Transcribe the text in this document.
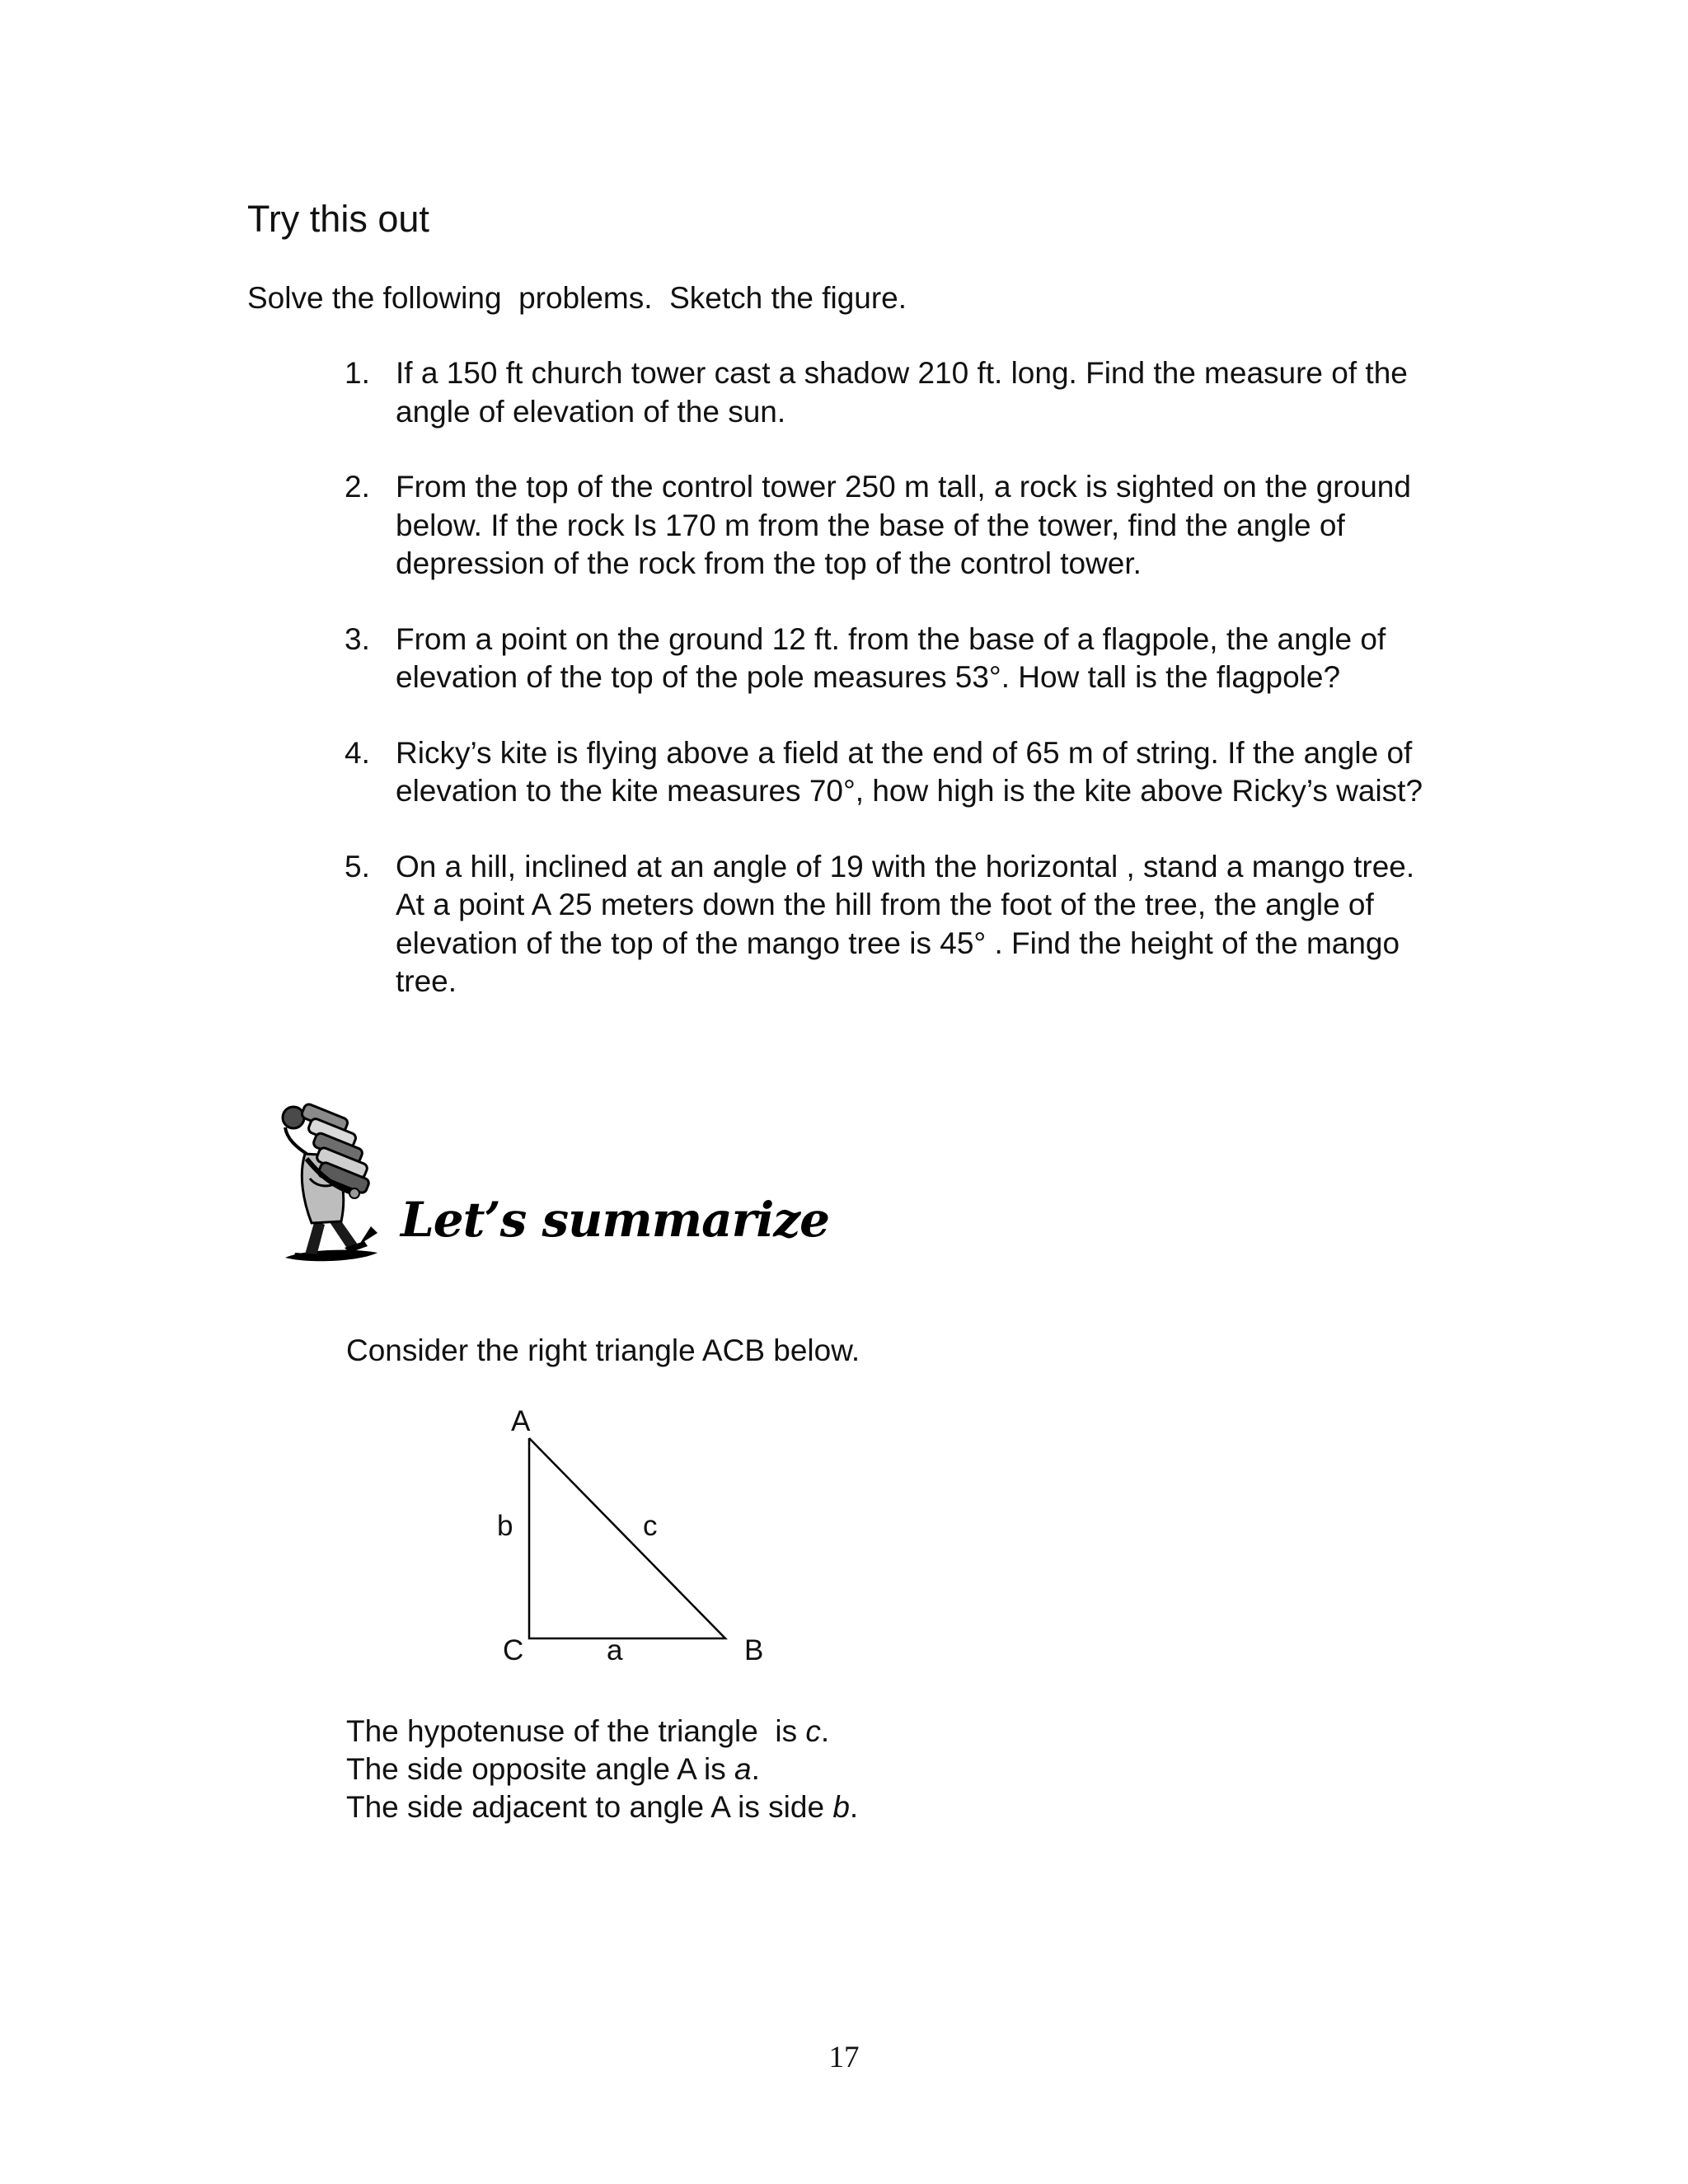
Try this out
Solve the following  problems.  Sketch the figure.
1. If a 150 ft church tower cast a shadow 210 ft. long. Find the measure of the angle of elevation of the sun.
2. From the top of the control tower 250 m tall, a rock is sighted on the ground below. If the rock Is 170 m from the base of the tower, find the angle of depression of the rock from the top of the control tower.
3. From a point on the ground 12 ft. from the base of a flagpole, the angle of elevation of the top of the pole measures 53°. How tall is the flagpole?
4. Ricky’s kite is flying above a field at the end of 65 m of string. If the angle of elevation to the kite measures 70°, how high is the kite above Ricky’s waist?
5. On a hill, inclined at an angle of 19 with the horizontal , stand a mango tree. At a point A 25 meters down the hill from the foot of the tree, the angle of elevation of the top of the mango tree is 45° . Find the height of the mango tree.
Let’s summarize
Consider the right triangle ACB below.
A
b	c
C	a	B
The hypotenuse of the triangle  is c.
The side opposite angle A is a.
The side adjacent to angle A is side b.
17
